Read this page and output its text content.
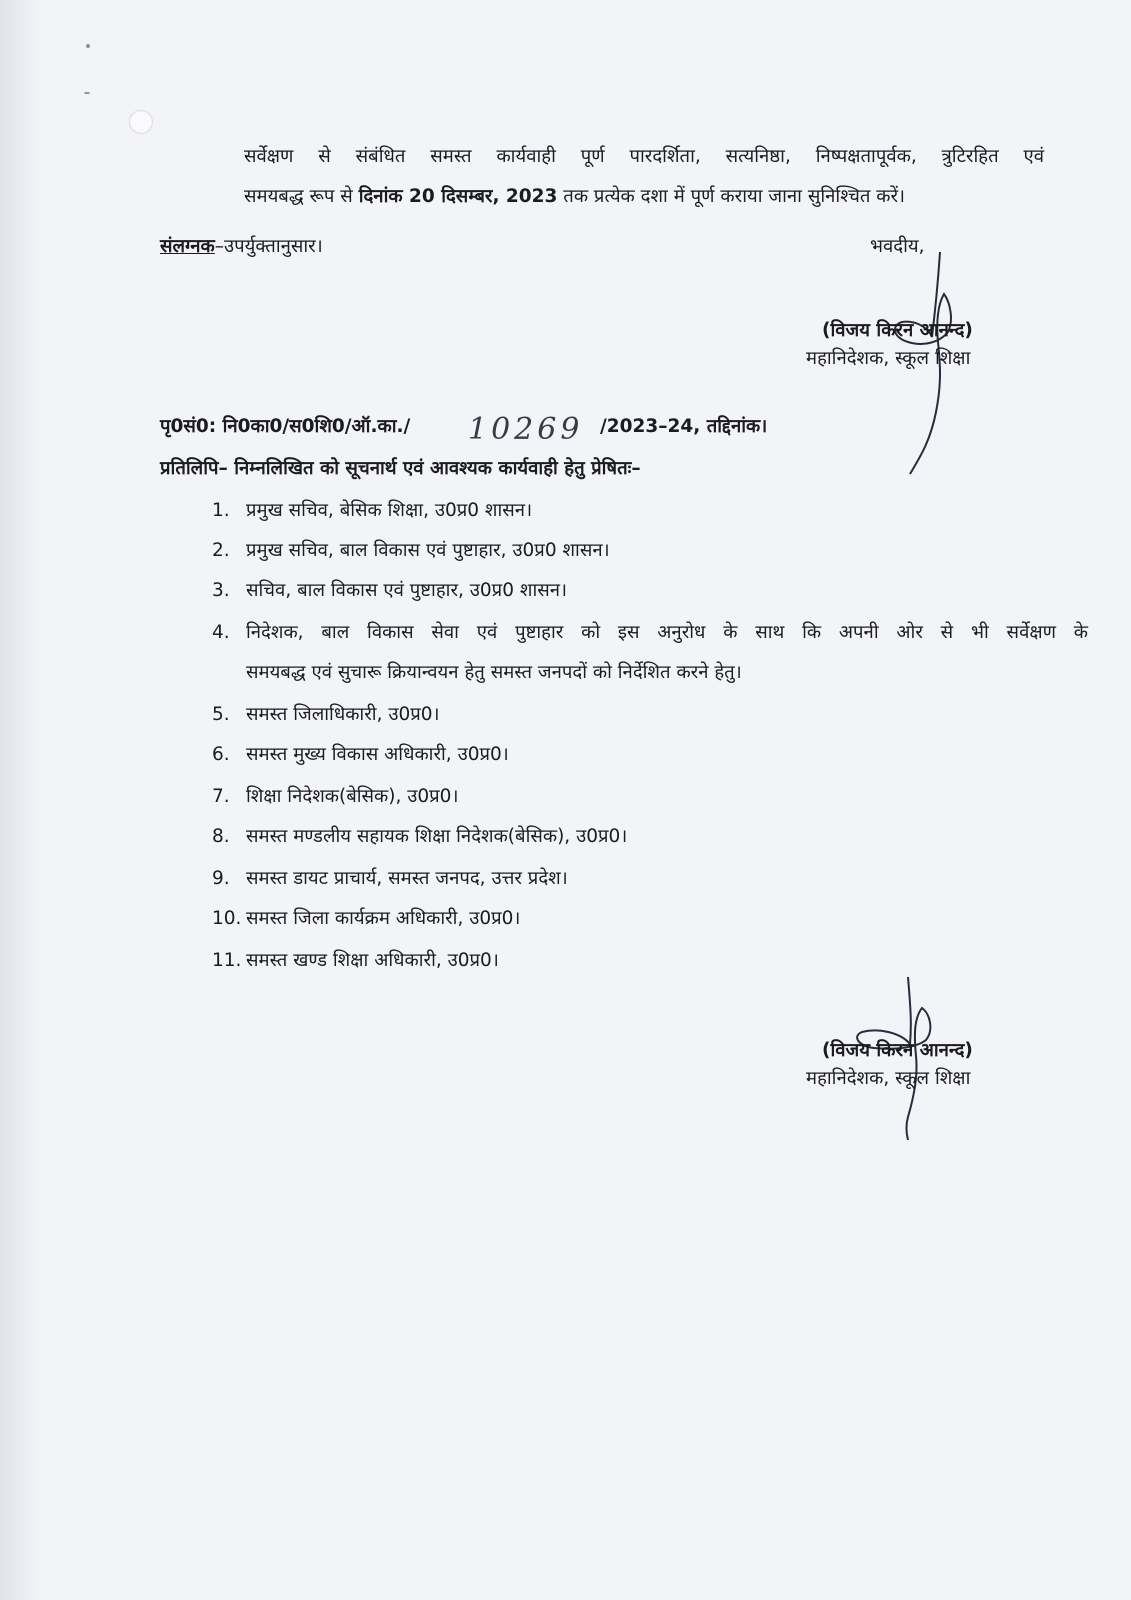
सर्वेक्षण से संबंधित समस्त कार्यवाही पूर्ण पारदर्शिता, सत्यनिष्ठा, निष्पक्षतापूर्वक, त्रुटिरहित एवं
समयबद्ध रूप से दिनांक 20 दिसम्बर, 2023 तक प्रत्येक दशा में पूर्ण कराया जाना सुनिश्चित करें।
संलग्नक–उपर्युक्तानुसार।	भवदीय,
(विजय किरन आनन्द)
महानिदेशक, स्कूल शिक्षा
पृ0सं0: नि0का0/स0शि0/ऑ.का./ 10269 /2023–24, तद्दिनांक।
प्रतिलिपि– निम्नलिखित को सूचनार्थ एवं आवश्यक कार्यवाही हेतु प्रेषितः–
1. प्रमुख सचिव, बेसिक शिक्षा, उ0प्र0 शासन।
2. प्रमुख सचिव, बाल विकास एवं पुष्टाहार, उ0प्र0 शासन।
3. सचिव, बाल विकास एवं पुष्टाहार, उ0प्र0 शासन।
4. निदेशक, बाल विकास सेवा एवं पुष्टाहार को इस अनुरोध के साथ कि अपनी ओर से भी सर्वेक्षण के
समयबद्ध एवं सुचारू क्रियान्वयन हेतु समस्त जनपदों को निर्देशित करने हेतु।
5. समस्त जिलाधिकारी, उ0प्र0।
6. समस्त मुख्य विकास अधिकारी, उ0प्र0।
7. शिक्षा निदेशक(बेसिक), उ0प्र0।
8. समस्त मण्डलीय सहायक शिक्षा निदेशक(बेसिक), उ0प्र0।
9. समस्त डायट प्राचार्य, समस्त जनपद, उत्तर प्रदेश।
10. समस्त जिला कार्यक्रम अधिकारी, उ0प्र0।
11. समस्त खण्ड शिक्षा अधिकारी, उ0प्र0।
(विजय किरन आनन्द)
महानिदेशक, स्कूल शिक्षा
